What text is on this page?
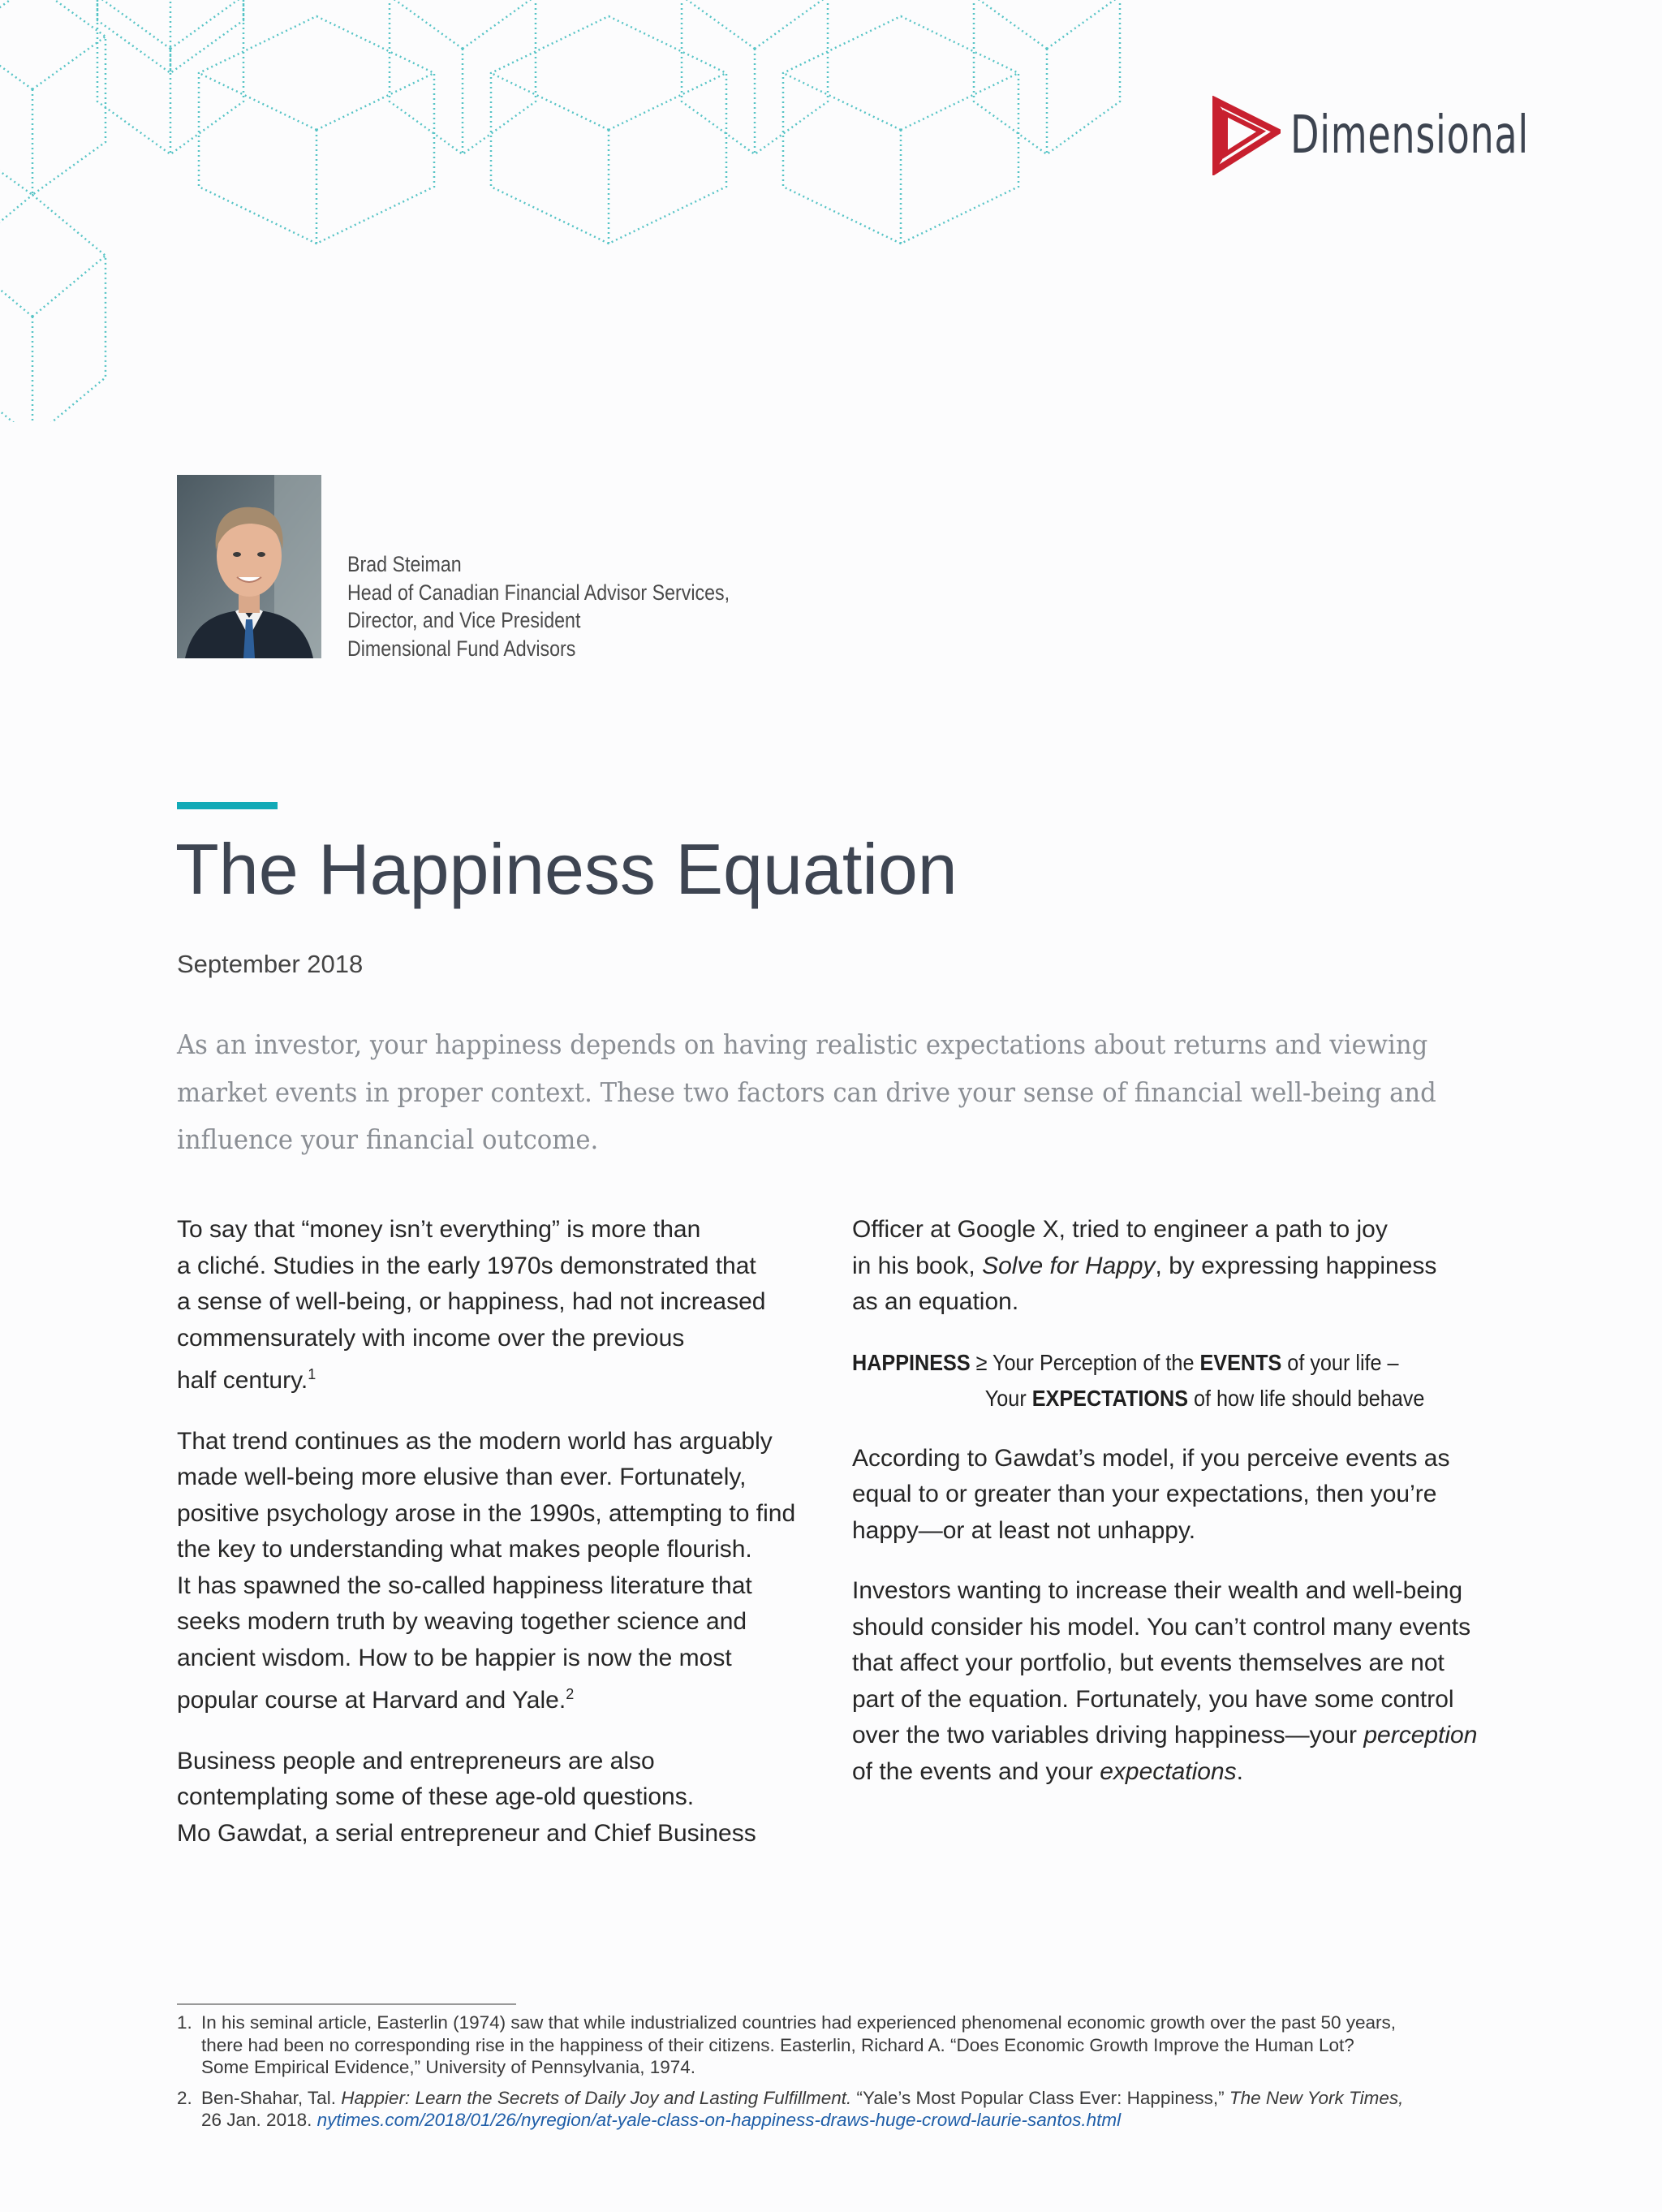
Dimensional
Brad Steiman
Head of Canadian Financial Advisor Services,
Director, and Vice President
Dimensional Fund Advisors
The Happiness Equation
September 2018
As an investor, your happiness depends on having realistic expectations about returns and viewing
market events in proper context. These two factors can drive your sense of financial well-being and
influence your financial outcome.

To say that “money isn’t everything” is more than
a cliché. Studies in the early 1970s demonstrated that
a sense of well-being, or happiness, had not increased
commensurately with income over the previous
half century.$^1$

That trend continues as the modern world has arguably
made well-being more elusive than ever. Fortunately,
positive psychology arose in the 1990s, attempting to find
the key to understanding what makes people flourish.
It has spawned the so-called happiness literature that
seeks modern truth by weaving together science and
ancient wisdom. How to be happier is now the most
popular course at Harvard and Yale.$^2$

Business people and entrepreneurs are also
contemplating some of these age-old questions.
Mo Gawdat, a serial entrepreneur and Chief Business

Officer at Google X, tried to engineer a path to joy
in his book, Solve for Happy, by expressing happiness
as an equation.

HAPPINESS ≥ Your Perception of the EVENTS of your life –
Your EXPECTATIONS of how life should behave

According to Gawdat’s model, if you perceive events as
equal to or greater than your expectations, then you’re
happy—or at least not unhappy.

Investors wanting to increase their wealth and well-being
should consider his model. You can’t control many events
that affect your portfolio, but events themselves are not
part of the equation. Fortunately, you have some control
over the two variables driving happiness—your perception
of the events and your expectations.

1. In his seminal article, Easterlin (1974) saw that while industrialized countries had experienced phenomenal economic growth over the past 50 years,
there had been no corresponding rise in the happiness of their citizens. Easterlin, Richard A. “Does Economic Growth Improve the Human Lot?
Some Empirical Evidence,” University of Pennsylvania, 1974.
2. Ben-Shahar, Tal. Happier: Learn the Secrets of Daily Joy and Lasting Fulfillment. “Yale’s Most Popular Class Ever: Happiness,” The New York Times,
26 Jan. 2018. nytimes.com/2018/01/26/nyregion/at-yale-class-on-happiness-draws-huge-crowd-laurie-santos.html
